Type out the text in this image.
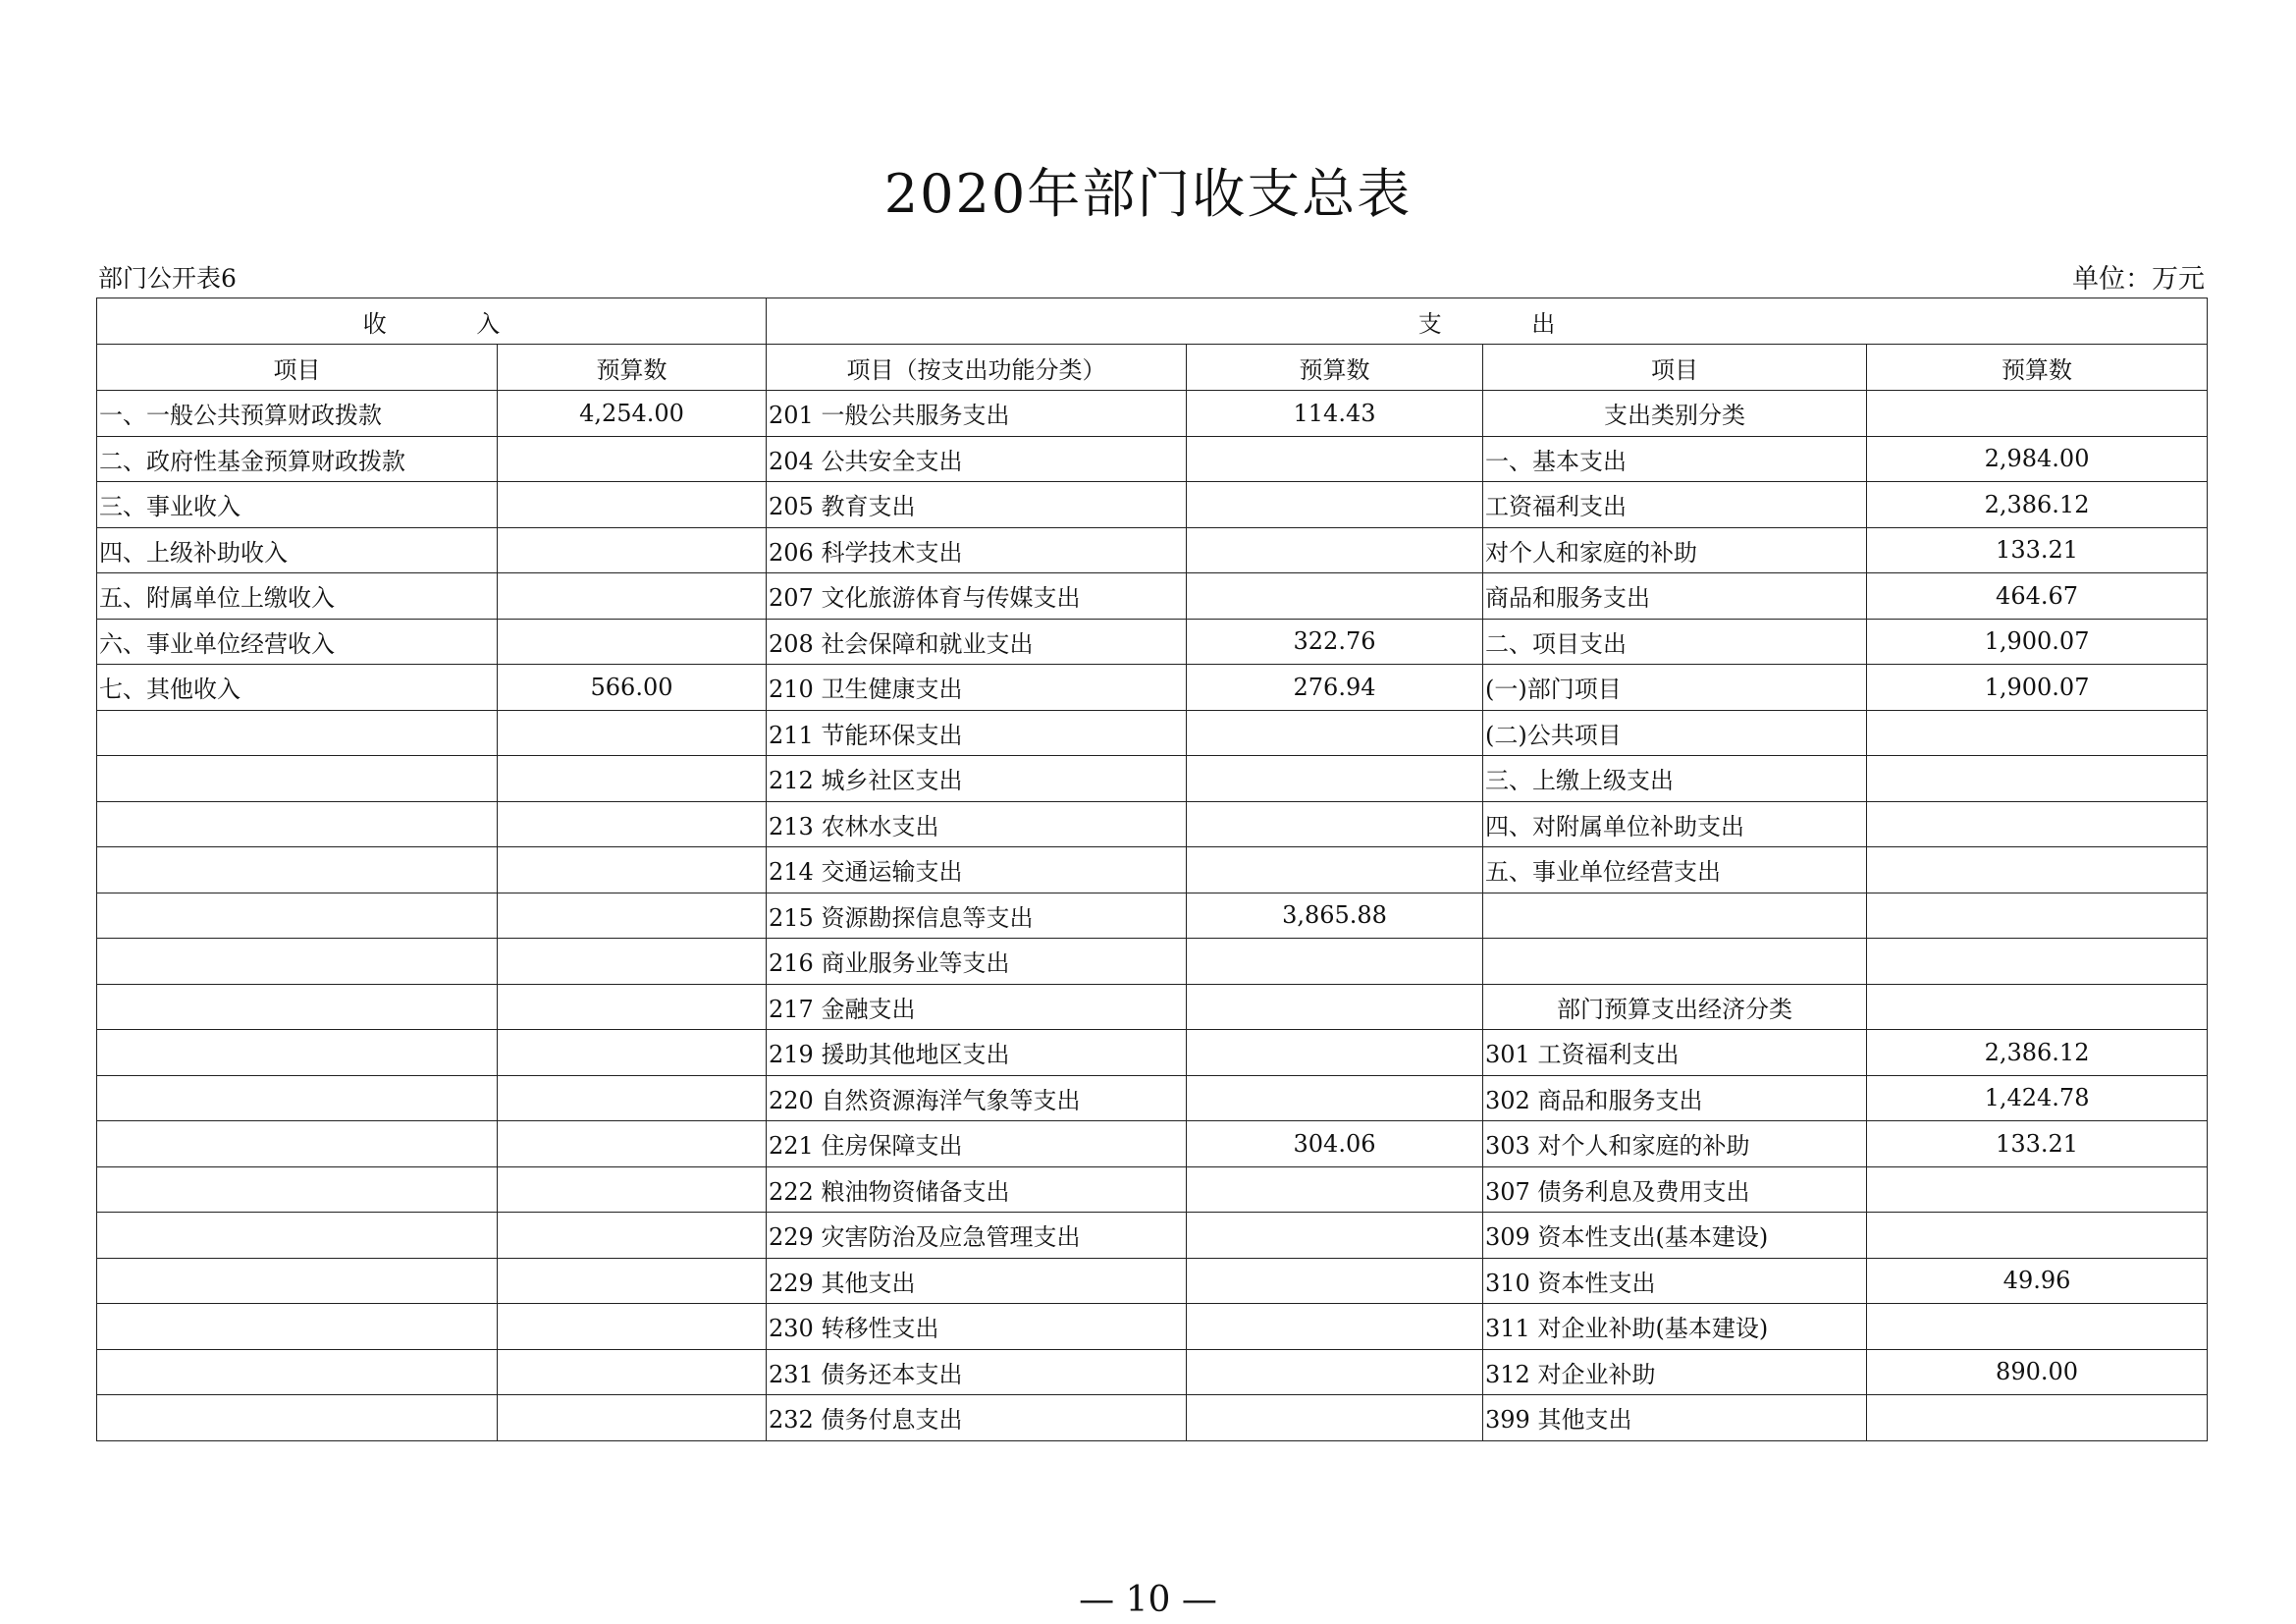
2020年部门收支总表
部门公开表6	单位：万元
收            入		支            出			
项目	预算数	项目（按支出功能分类）	预算数	项目	预算数
一、一般公共预算财政拨款	4,254.00	201 一般公共服务支出	114.43	支出类别分类	
二、政府性基金预算财政拨款		204 公共安全支出		一、基本支出	2,984.00
三、事业收入		205 教育支出		工资福利支出	2,386.12
四、上级补助收入		206 科学技术支出		对个人和家庭的补助	133.21
五、附属单位上缴收入		207 文化旅游体育与传媒支出		商品和服务支出	464.67
六、事业单位经营收入		208 社会保障和就业支出	322.76	二、项目支出	1,900.07
七、其他收入	566.00	210 卫生健康支出	276.94	(一)部门项目	1,900.07
		211 节能环保支出		(二)公共项目	
		212 城乡社区支出		三、上缴上级支出	
		213 农林水支出		四、对附属单位补助支出	
		214 交通运输支出		五、事业单位经营支出	
		215 资源勘探信息等支出	3,865.88		
		216 商业服务业等支出			
		217 金融支出		部门预算支出经济分类	
		219 援助其他地区支出		301 工资福利支出	2,386.12
		220 自然资源海洋气象等支出		302 商品和服务支出	1,424.78
		221 住房保障支出	304.06	303 对个人和家庭的补助	133.21
		222 粮油物资储备支出		307 债务利息及费用支出	
		229 灾害防治及应急管理支出		309 资本性支出(基本建设)	
		229 其他支出		310 资本性支出	49.96
		230 转移性支出		311 对企业补助(基本建设)	
		231 债务还本支出		312 对企业补助	890.00
		232 债务付息支出		399 其他支出	
— 10 —
